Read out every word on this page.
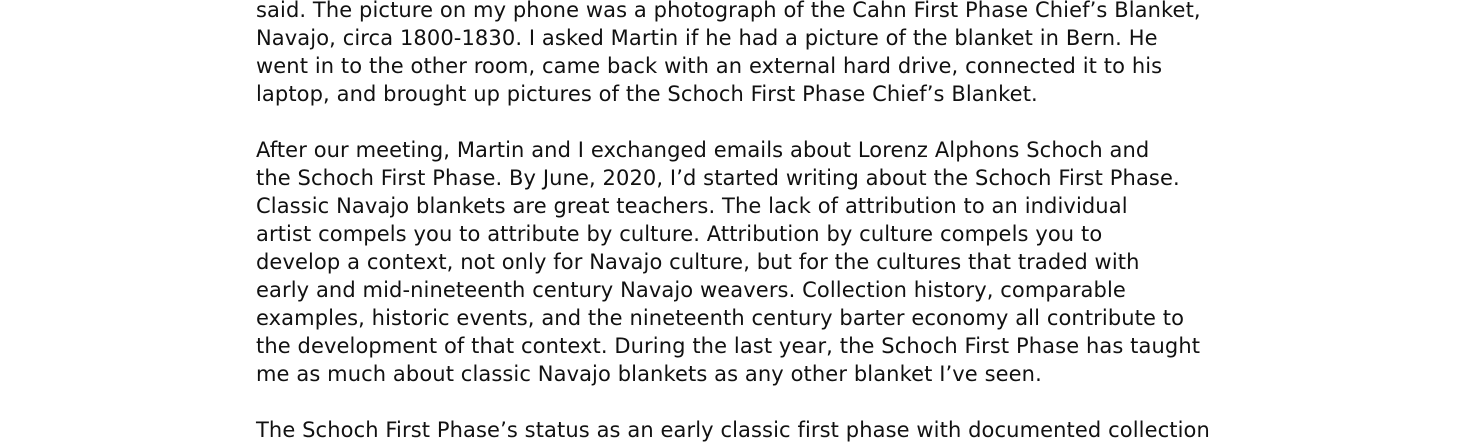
said. The picture on my phone was a photograph of the Cahn First Phase Chief’s Blanket,
Navajo, circa 1800-1830. I asked Martin if he had a picture of the blanket in Bern. He
went in to the other room, came back with an external hard drive, connected it to his
laptop, and brought up pictures of the Schoch First Phase Chief’s Blanket.

After our meeting, Martin and I exchanged emails about Lorenz Alphons Schoch and
the Schoch First Phase. By June, 2020, I’d started writing about the Schoch First Phase.
Classic Navajo blankets are great teachers. The lack of attribution to an individual
artist compels you to attribute by culture. Attribution by culture compels you to
develop a context, not only for Navajo culture, but for the cultures that traded with
early and mid-nineteenth century Navajo weavers. Collection history, comparable
examples, historic events, and the nineteenth century barter economy all contribute to
the development of that context. During the last year, the Schoch First Phase has taught
me as much about classic Navajo blankets as any other blanket I’ve seen.

The Schoch First Phase’s status as an early classic first phase with documented collection
